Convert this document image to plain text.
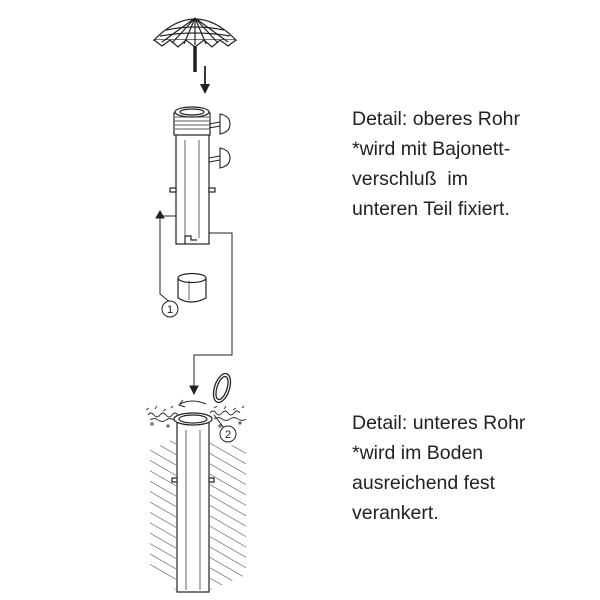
1
2
Detail: oberes Rohr
*wird mit Bajonett-
verschluß  im
unteren Teil fixiert.
Detail: unteres Rohr
*wird im Boden
ausreichend fest
verankert.
